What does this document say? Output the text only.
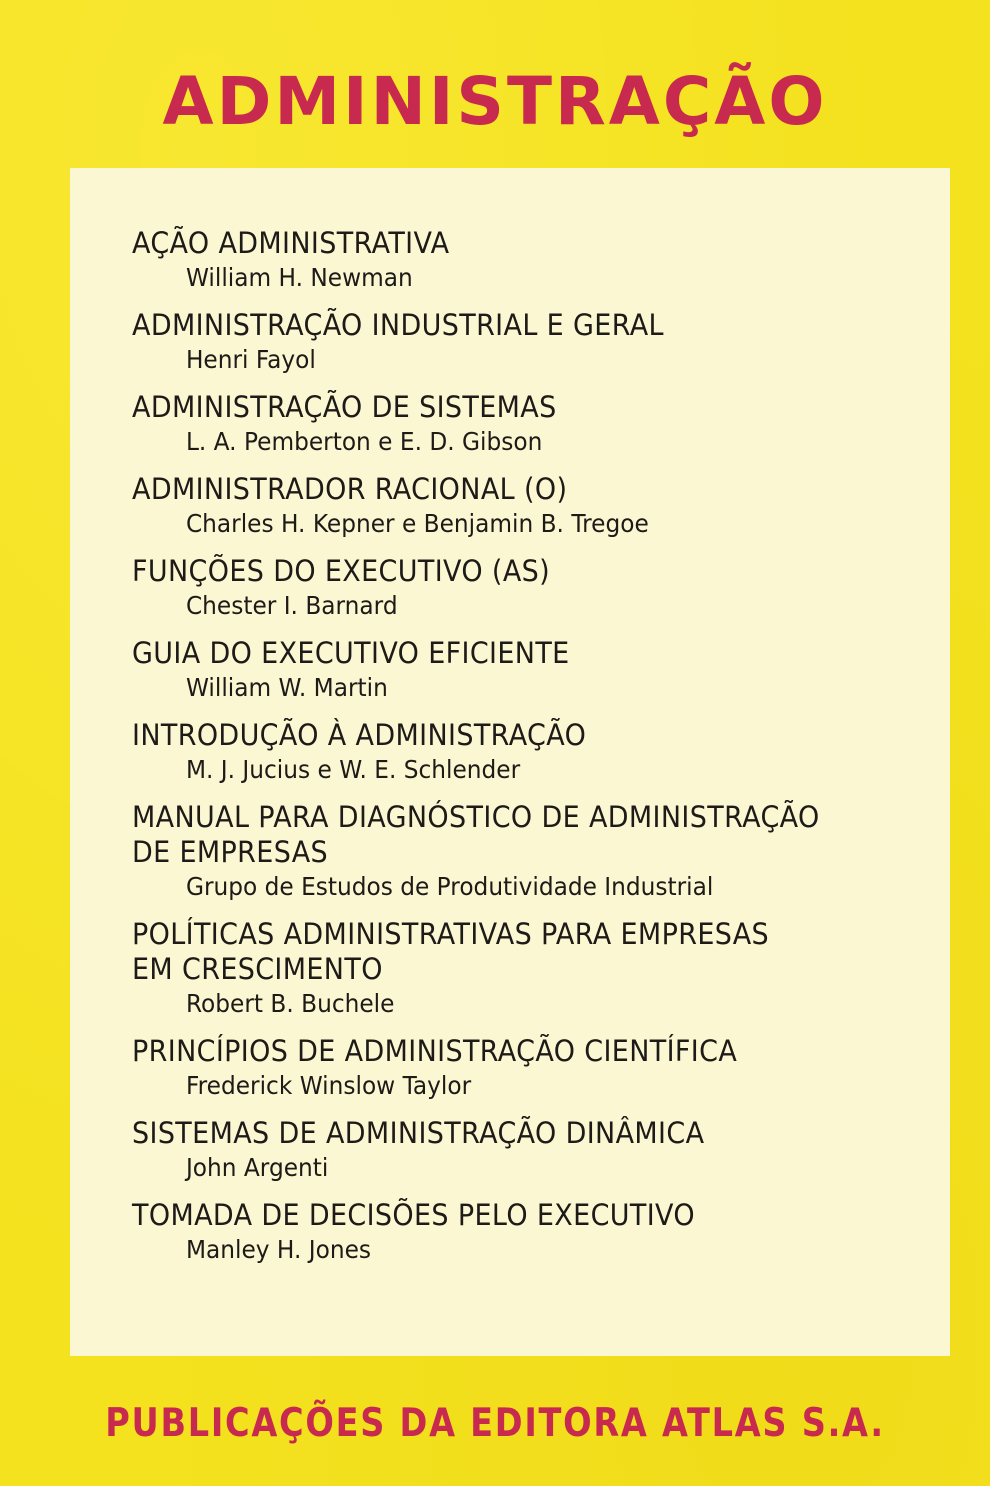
ADMINISTRAÇÃO
AÇÃO ADMINISTRATIVA
William H. Newman
ADMINISTRAÇÃO INDUSTRIAL E GERAL
Henri Fayol
ADMINISTRAÇÃO DE SISTEMAS
L. A. Pemberton e E. D. Gibson
ADMINISTRADOR RACIONAL (O)
Charles H. Kepner e Benjamin B. Tregoe
FUNÇÕES DO EXECUTIVO (AS)
Chester I. Barnard
GUIA DO EXECUTIVO EFICIENTE
William W. Martin
INTRODUÇÃO À ADMINISTRAÇÃO
M. J. Jucius e W. E. Schlender
MANUAL PARA DIAGNÓSTICO DE ADMINISTRAÇÃO
DE EMPRESAS
Grupo de Estudos de Produtividade Industrial
POLÍTICAS ADMINISTRATIVAS PARA EMPRESAS
EM CRESCIMENTO
Robert B. Buchele
PRINCÍPIOS DE ADMINISTRAÇÃO CIENTÍFICA
Frederick Winslow Taylor
SISTEMAS DE ADMINISTRAÇÃO DINÂMICA
John Argenti
TOMADA DE DECISÕES PELO EXECUTIVO
Manley H. Jones
PUBLICAÇÕES DA EDITORA ATLAS S.A.
